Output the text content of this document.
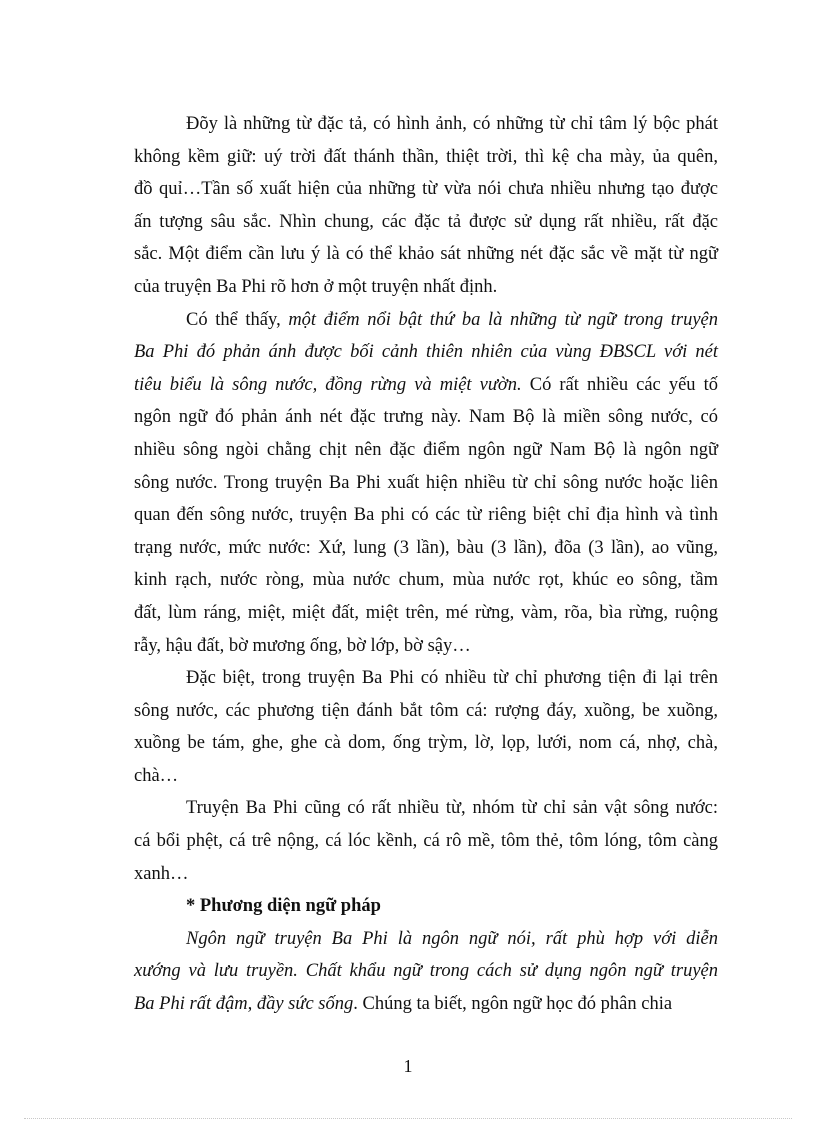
Đõy là những từ đặc tả, có hình ảnh, có những từ chỉ tâm lý bộc phát
không kềm giữ: uý trời đất thánh thần, thiệt trời, thì kệ cha mày, ủa quên,
đồ quỉ…Tần số xuất hiện của những từ vừa nói chưa nhiều nhưng tạo được
ấn tượng sâu sắc. Nhìn chung, các đặc tả được sử dụng rất nhiều, rất đặc
sắc. Một điểm cần lưu ý là có thể khảo sát những nét đặc sắc về mặt từ ngữ
của truyện Ba Phi rõ hơn ở một truyện nhất định.
Có thể thấy, một điểm nổi bật thứ ba là những từ ngữ trong truyện
Ba Phi đó phản ánh được bối cảnh thiên nhiên của vùng ĐBSCL với nét
tiêu biểu là sông nước, đồng rừng và miệt vườn. Có rất nhiều các yếu tố
ngôn ngữ đó phản ánh nét đặc trưng này. Nam Bộ là miền sông nước, có
nhiều sông ngòi chằng chịt nên đặc điểm ngôn ngữ Nam Bộ là ngôn ngữ
sông nước. Trong truyện Ba Phi xuất hiện nhiều từ chỉ sông nước hoặc liên
quan đến sông nước, truyện Ba phi có các từ riêng biệt chỉ địa hình và tình
trạng nước, mức nước: Xứ, lung (3 lần), bàu (3 lần), đõa (3 lần), ao vũng,
kinh rạch, nước ròng, mùa nước chum, mùa nước rọt, khúc eo sông, tầm
đất, lùm ráng, miệt, miệt đất, miệt trên, mé rừng, vàm, rõa, bìa rừng, ruộng
rẫy, hậu đất, bờ mương ống, bờ lớp, bờ sậy…
Đặc biệt, trong truyện Ba Phi có nhiều từ chỉ phương tiện đi lại trên
sông nước, các phương tiện đánh bắt tôm cá: rượng đáy, xuồng, be xuồng,
xuồng be tám, ghe, ghe cà dom, ống trỳm, lờ, lọp, lưới, nom cá, nhợ, chà,
chà…
Truyện Ba Phi cũng có rất nhiều từ, nhóm từ chỉ sản vật sông nước:
cá bổi phệt, cá trê nộng, cá lóc kềnh, cá rô mề, tôm thẻ, tôm lóng, tôm càng
xanh…
* Phương diện ngữ pháp
Ngôn ngữ truyện Ba Phi là ngôn ngữ nói, rất phù hợp với diễn
xướng và lưu truyền. Chất khẩu ngữ trong cách sử dụng ngôn ngữ truyện
Ba Phi rất đậm, đầy sức sống. Chúng ta biết, ngôn ngữ học đó phân chia
1
